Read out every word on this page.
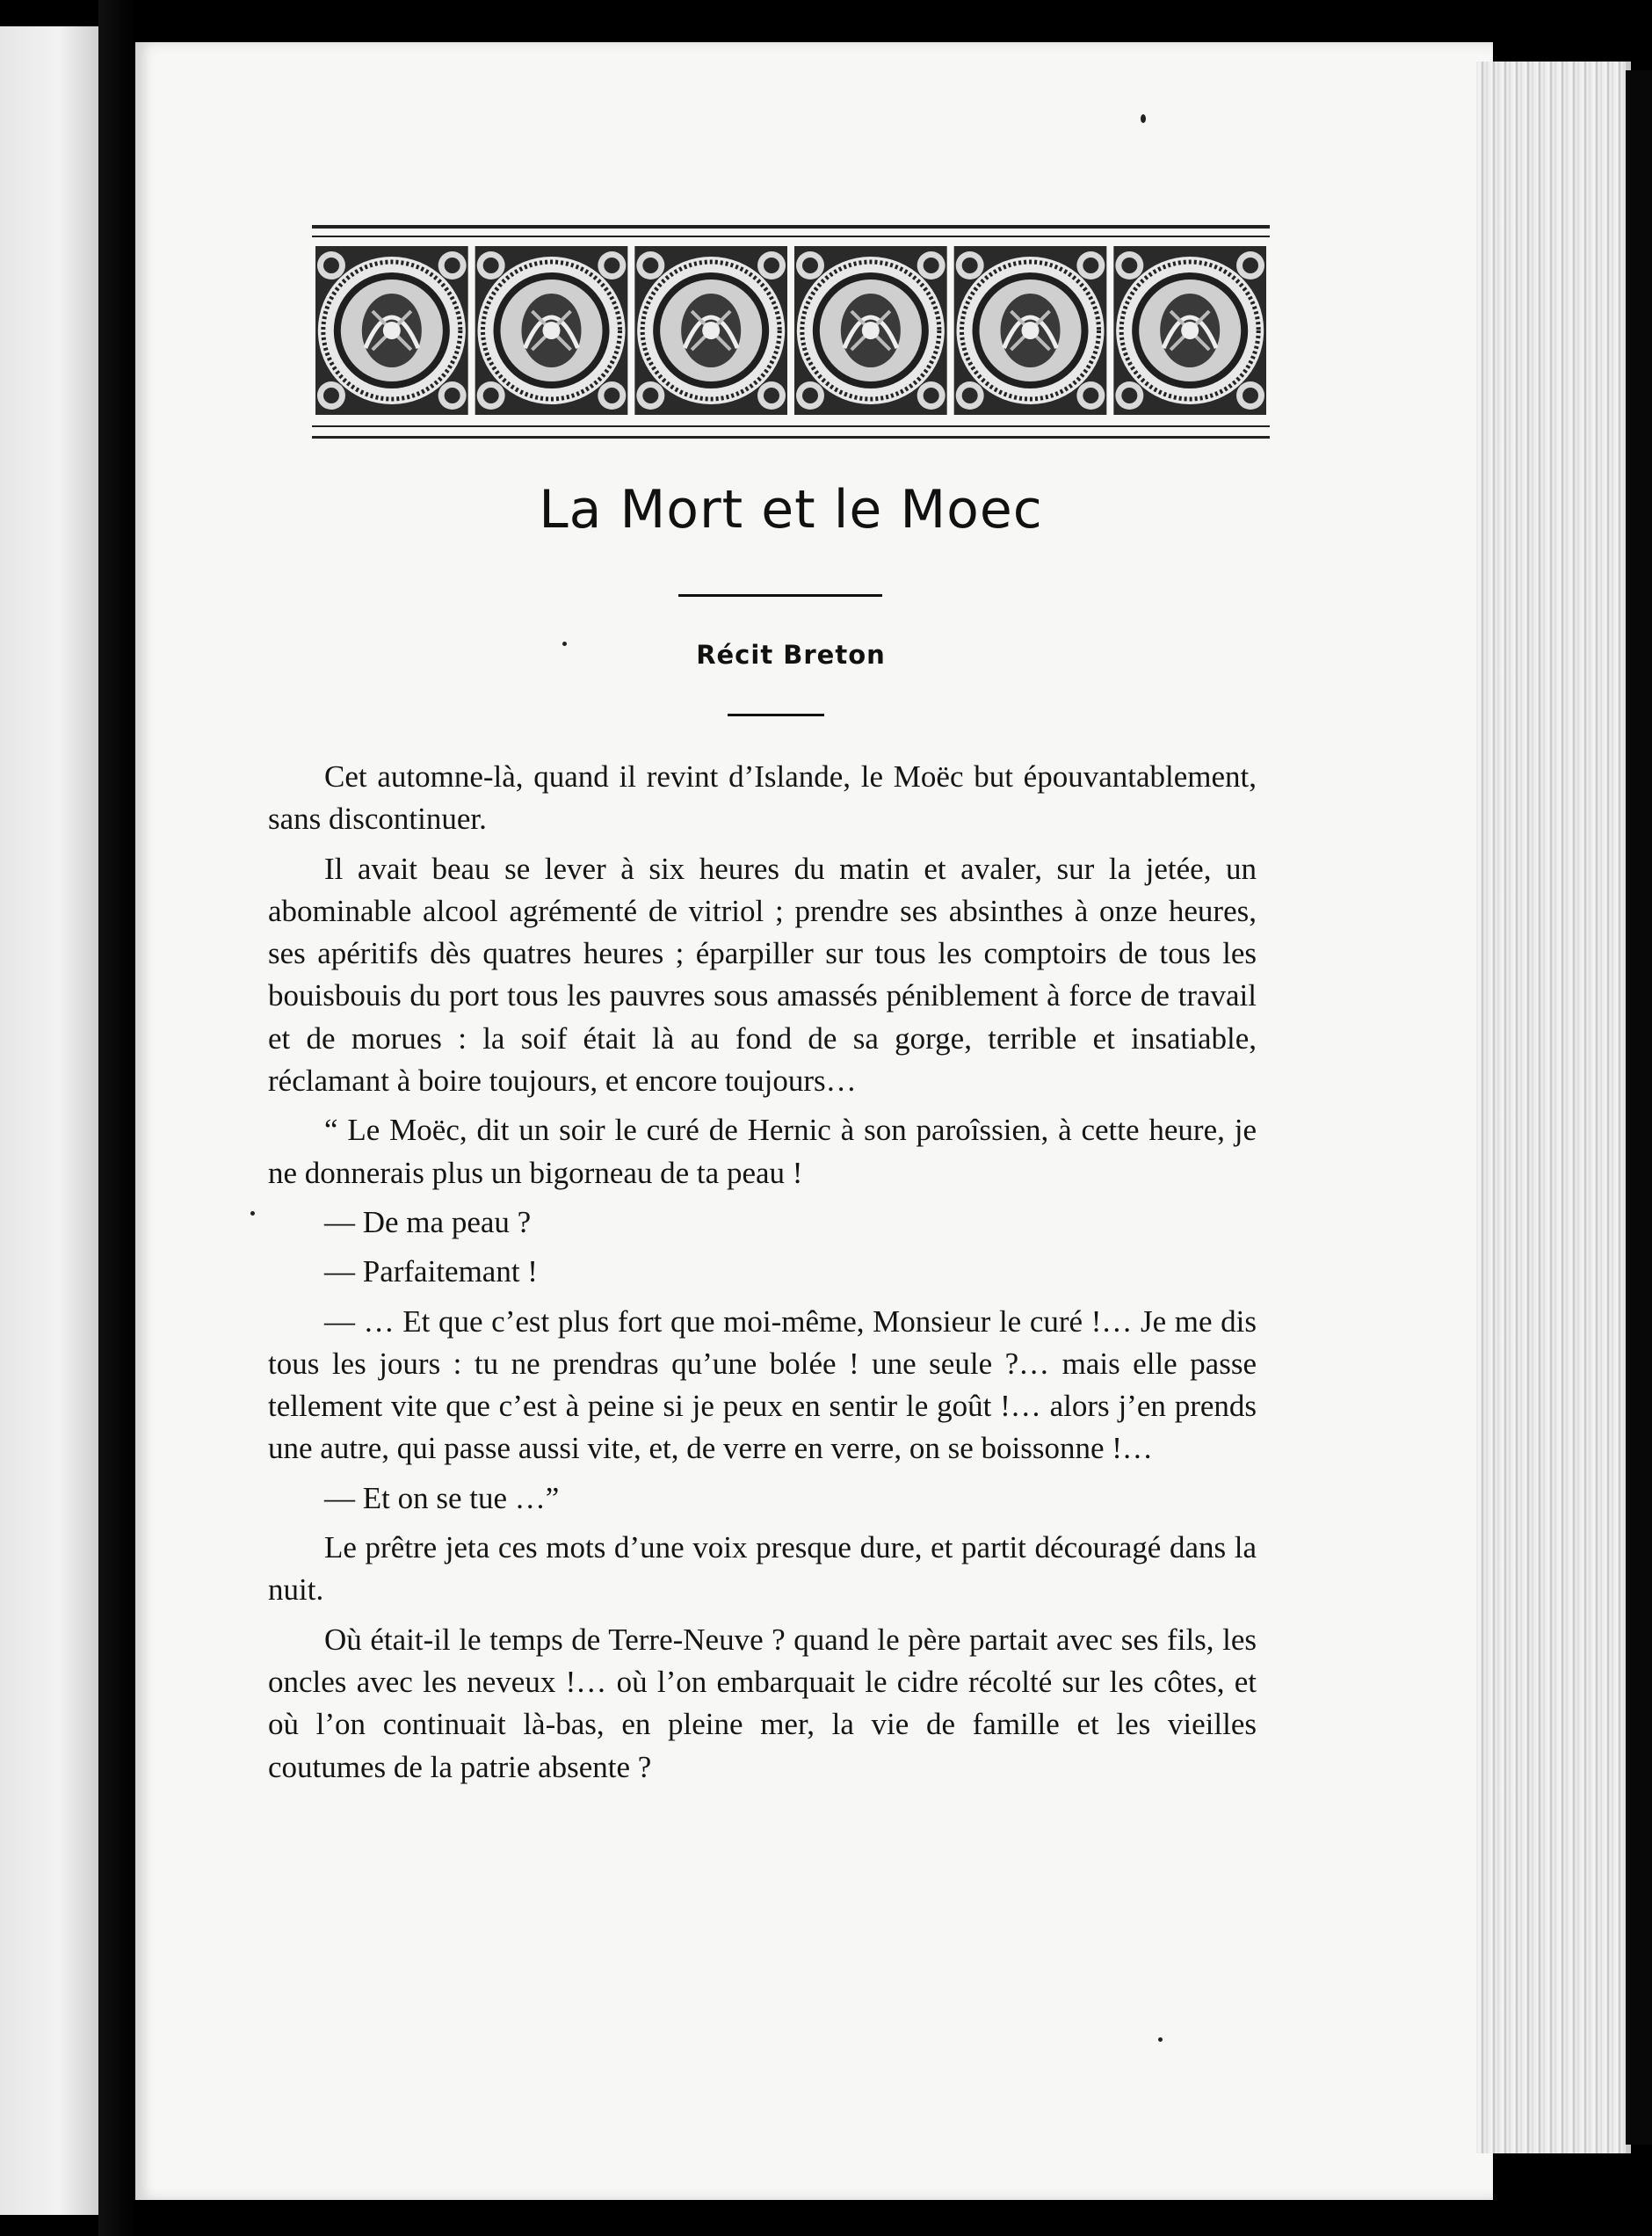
La Mort et le Moec
Récit Breton

Cet automne-là, quand il revint d’Islande, le Moëc but épouvantablement, sans discontinuer.

Il avait beau se lever à six heures du matin et avaler, sur la jetée, un abominable alcool agrémenté de vitriol ; prendre ses absinthes à onze heures, ses apéritifs dès quatres heures ; éparpiller sur tous les comptoirs de tous les bouisbouis du port tous les pauvres sous amassés péniblement à force de travail et de morues : la soif était là au fond de sa gorge, terrible et insatiable, réclamant à boire toujours, et encore toujours…

“ Le Moëc, dit un soir le curé de Hernic à son paroîssien, à cette heure, je ne donnerais plus un bigorneau de ta peau !

— De ma peau ?

— Parfaitemant !

— … Et que c’est plus fort que moi-même, Monsieur le curé !… Je me dis tous les jours : tu ne prendras qu’une bolée ! une seule ?… mais elle passe tellement vite que c’est à peine si je peux en sentir le goût !… alors j’en prends une autre, qui passe aussi vite, et, de verre en verre, on se boissonne !…

— Et on se tue …”

Le prêtre jeta ces mots d’une voix presque dure, et partit découragé dans la nuit.

Où était-il le temps de Terre-Neuve ? quand le père partait avec ses fils, les oncles avec les neveux !… où l’on embarquait le cidre récolté sur les côtes, et où l’on continuait là-bas, en pleine mer, la vie de famille et les vieilles coutumes de la patrie absente ?
